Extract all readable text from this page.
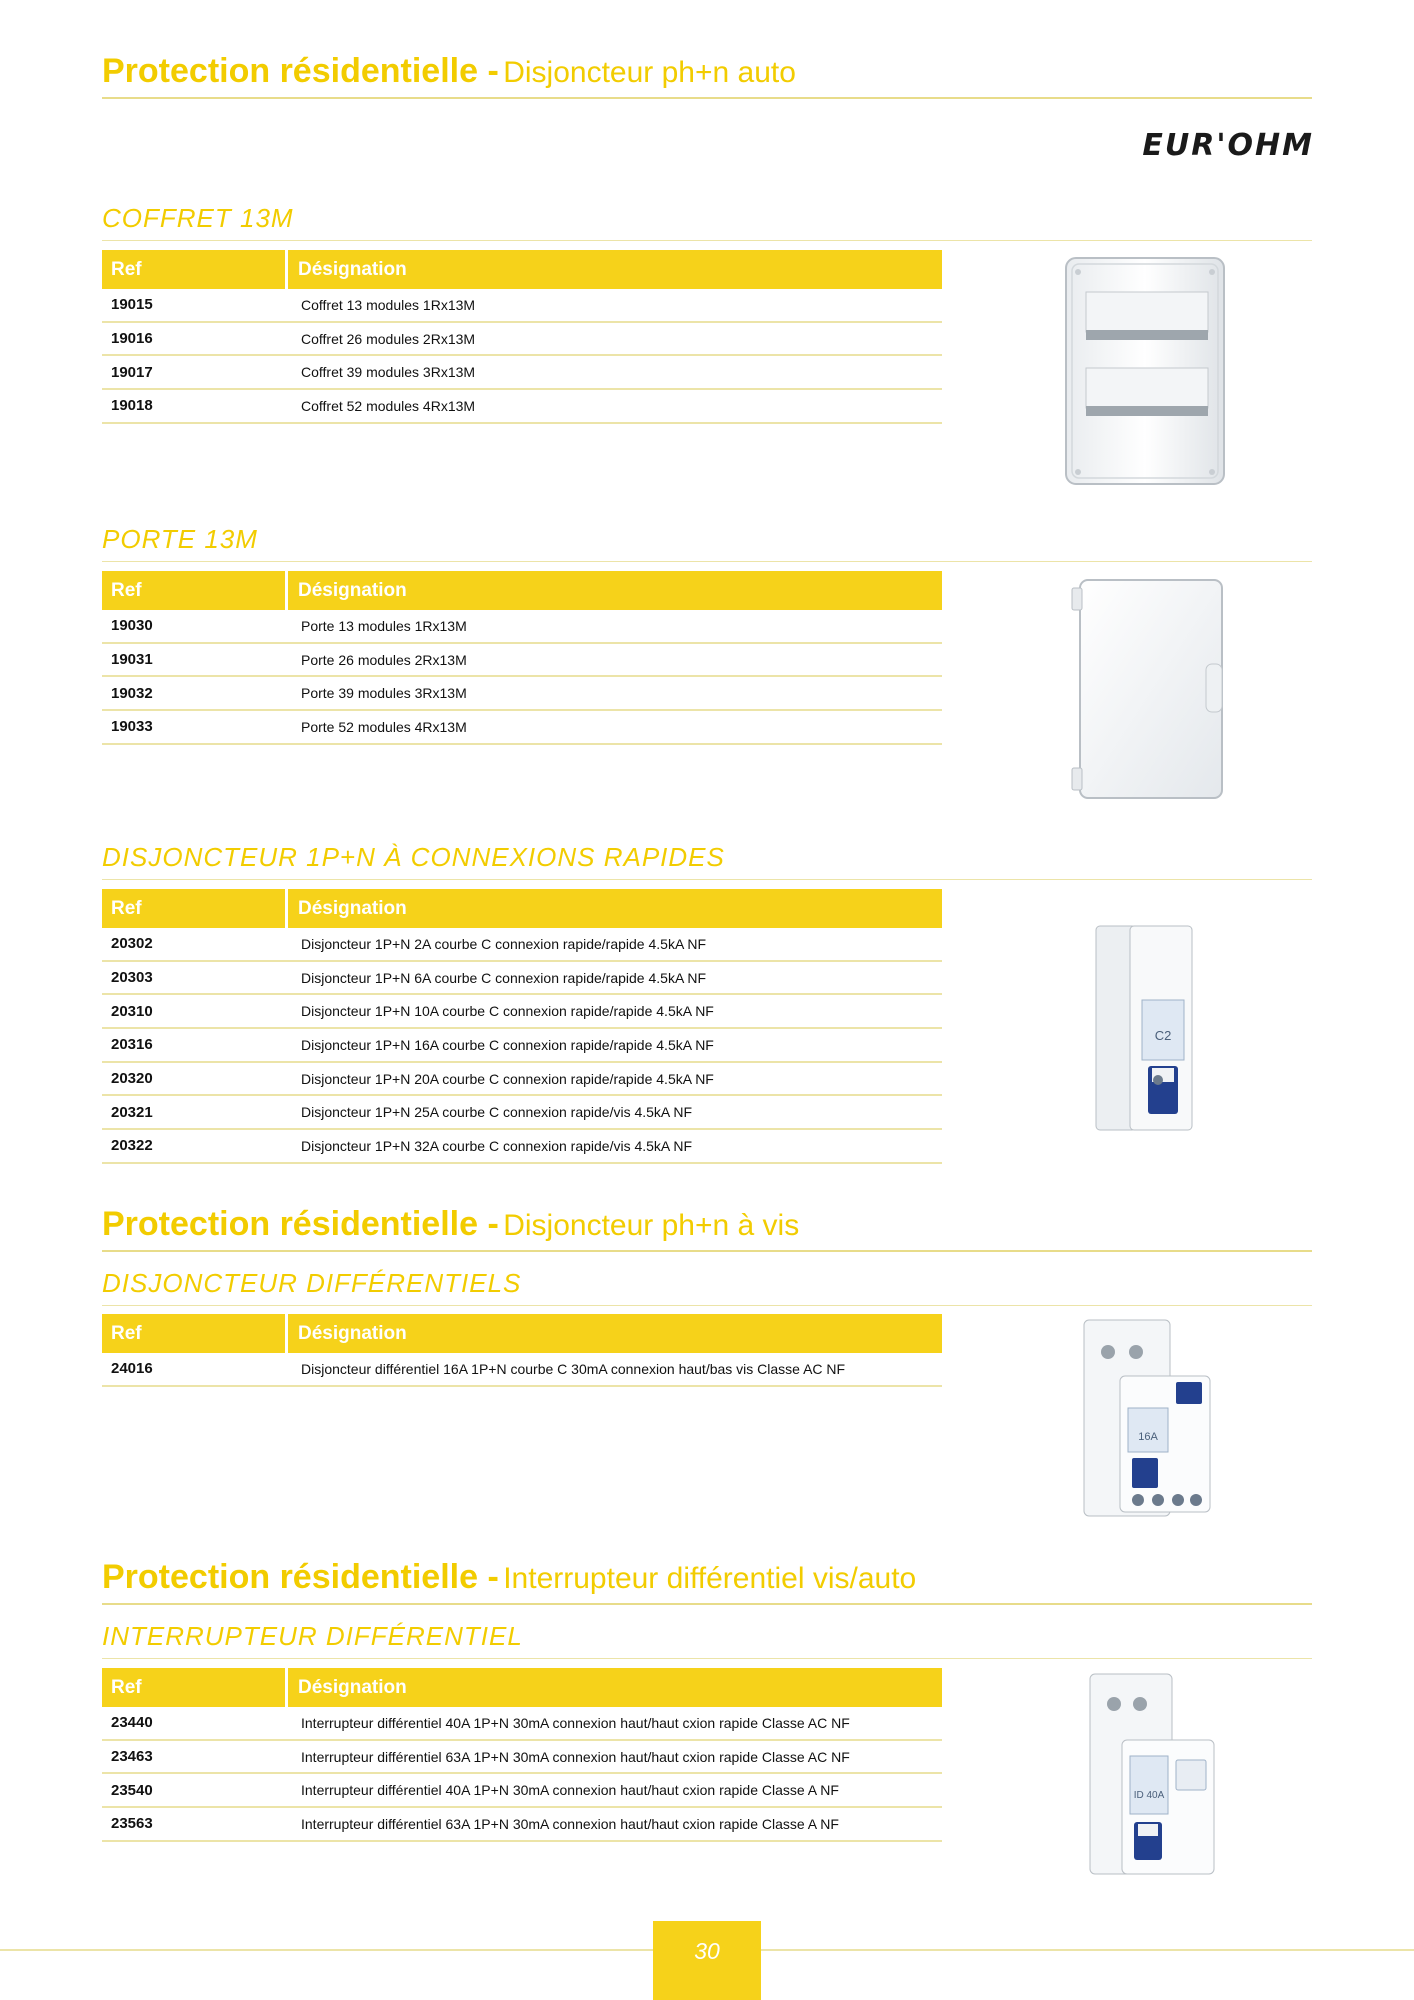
Protection résidentielle - Disjoncteur ph+n auto
EUR'OHM
COFFRET 13M
Ref	Désignation
19015	Coffret 13 modules 1Rx13M
19016	Coffret 26 modules 2Rx13M
19017	Coffret 39 modules 3Rx13M
19018	Coffret 52 modules 4Rx13M
PORTE 13M
Ref	Désignation
19030	Porte 13 modules 1Rx13M
19031	Porte 26 modules 2Rx13M
19032	Porte 39 modules 3Rx13M
19033	Porte 52 modules 4Rx13M
DISJONCTEUR 1P+N À CONNEXIONS RAPIDES
Ref	Désignation
20302	Disjoncteur 1P+N 2A courbe C connexion rapide/rapide 4.5kA NF
20303	Disjoncteur 1P+N 6A courbe C connexion rapide/rapide 4.5kA NF
20310	Disjoncteur 1P+N 10A courbe C connexion rapide/rapide 4.5kA NF
20316	Disjoncteur 1P+N 16A courbe C connexion rapide/rapide 4.5kA NF
20320	Disjoncteur 1P+N 20A courbe C connexion rapide/rapide 4.5kA NF
20321	Disjoncteur 1P+N 25A courbe C connexion rapide/vis 4.5kA NF
20322	Disjoncteur 1P+N 32A courbe C connexion rapide/vis 4.5kA NF
C2
Protection résidentielle - Disjoncteur ph+n à vis
DISJONCTEUR DIFFÉRENTIELS
Ref	Désignation
24016	Disjoncteur différentiel 16A 1P+N courbe C 30mA connexion haut/bas vis Classe AC NF
16A
Protection résidentielle - Interrupteur différentiel vis/auto
INTERRUPTEUR DIFFÉRENTIEL
Ref	Désignation
23440	Interrupteur différentiel 40A 1P+N 30mA connexion haut/haut cxion rapide Classe AC NF
23463	Interrupteur différentiel 63A 1P+N 30mA connexion haut/haut cxion rapide Classe AC NF
23540	Interrupteur différentiel 40A 1P+N 30mA connexion haut/haut cxion rapide Classe A NF
23563	Interrupteur différentiel 63A 1P+N 30mA connexion haut/haut cxion rapide Classe A NF
ID 40A
30
